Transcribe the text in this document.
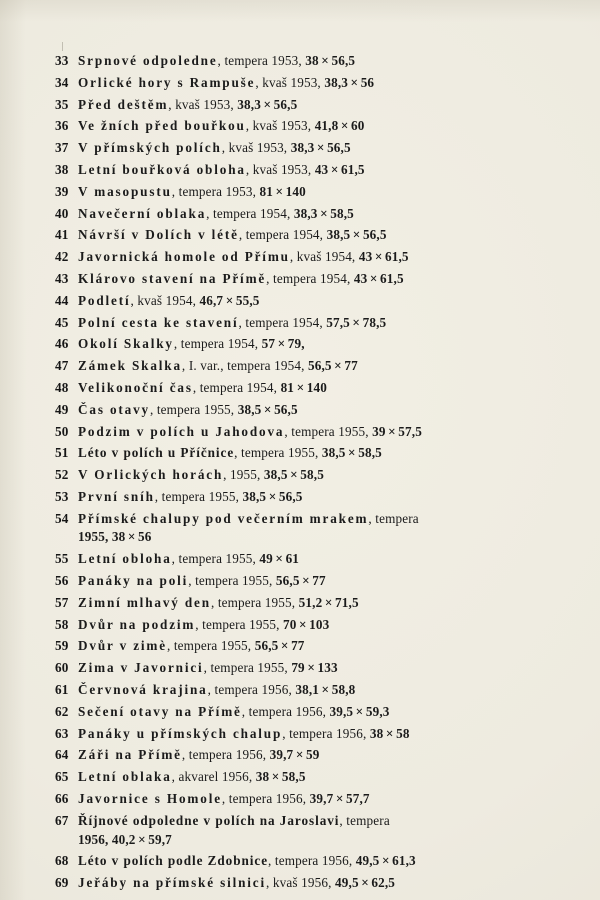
33 Srpnové odpoledne, tempera 1953, 38 × 56,5
34 Orlické hory s Rampuše, kvaš 1953, 38,3 × 56
35 Před deštěm, kvaš 1953, 38,3 × 56,5
36 Ve žních před bouřkou, kvaš 1953, 41,8 × 60
37 V přímských polích, kvaš 1953, 38,3 × 56,5
38 Letní bouřková obloha, kvaš 1953, 43 × 61,5
39 V masopustu, tempera 1953, 81 × 140
40 Navečerní oblaka, tempera 1954, 38,3 × 58,5
41 Návrší v Dolích v létě, tempera 1954, 38,5 × 56,5
42 Javornická homole od Přímu, kvaš 1954, 43 × 61,5
43 Klárovo stavení na Přímě, tempera 1954, 43 × 61,5
44 Podletí, kvaš 1954, 46,7 × 55,5
45 Polní cesta ke stavení, tempera 1954, 57,5 × 78,5
46 Okolí Skalky, tempera 1954, 57 × 79,
47 Zámek Skalka, I. var., tempera 1954, 56,5 × 77
48 Velikonoční čas, tempera 1954, 81 × 140
49 Čas otavy, tempera 1955, 38,5 × 56,5
50 Podzim v polích u Jahodova, tempera 1955, 39 × 57,5
51 Léto v polích u Příčnice, tempera 1955, 38,5 × 58,5
52 V Orlických horách, 1955, 38,5 × 58,5
53 První sníh, tempera 1955, 38,5 × 56,5
54 Přímské chalupy pod večerním mrakem, tempera
1955, 38 × 56
55 Letní obloha, tempera 1955, 49 × 61
56 Panáky na poli, tempera 1955, 56,5 × 77
57 Zimní mlhavý den, tempera 1955, 51,2 × 71,5
58 Dvůr na podzim, tempera 1955, 70 × 103
59 Dvůr v zimè, tempera 1955, 56,5 × 77
60 Zima v Javornici, tempera 1955, 79 × 133
61 Červnová krajina, tempera 1956, 38,1 × 58,8
62 Sečení otavy na Přímě, tempera 1956, 39,5 × 59,3
63 Panáky u přímských chalup, tempera 1956, 38 × 58
64 Záři na Přímě, tempera 1956, 39,7 × 59
65 Letní oblaka, akvarel 1956, 38 × 58,5
66 Javornice s Homole, tempera 1956, 39,7 × 57,7
67 Říjnové odpoledne v polích na Jaroslavi, tempera
1956, 40,2 × 59,7
68 Léto v polích podle Zdobnice, tempera 1956, 49,5 × 61,3
69 Jeřáby na přímské silnici, kvaš 1956, 49,5 × 62,5
